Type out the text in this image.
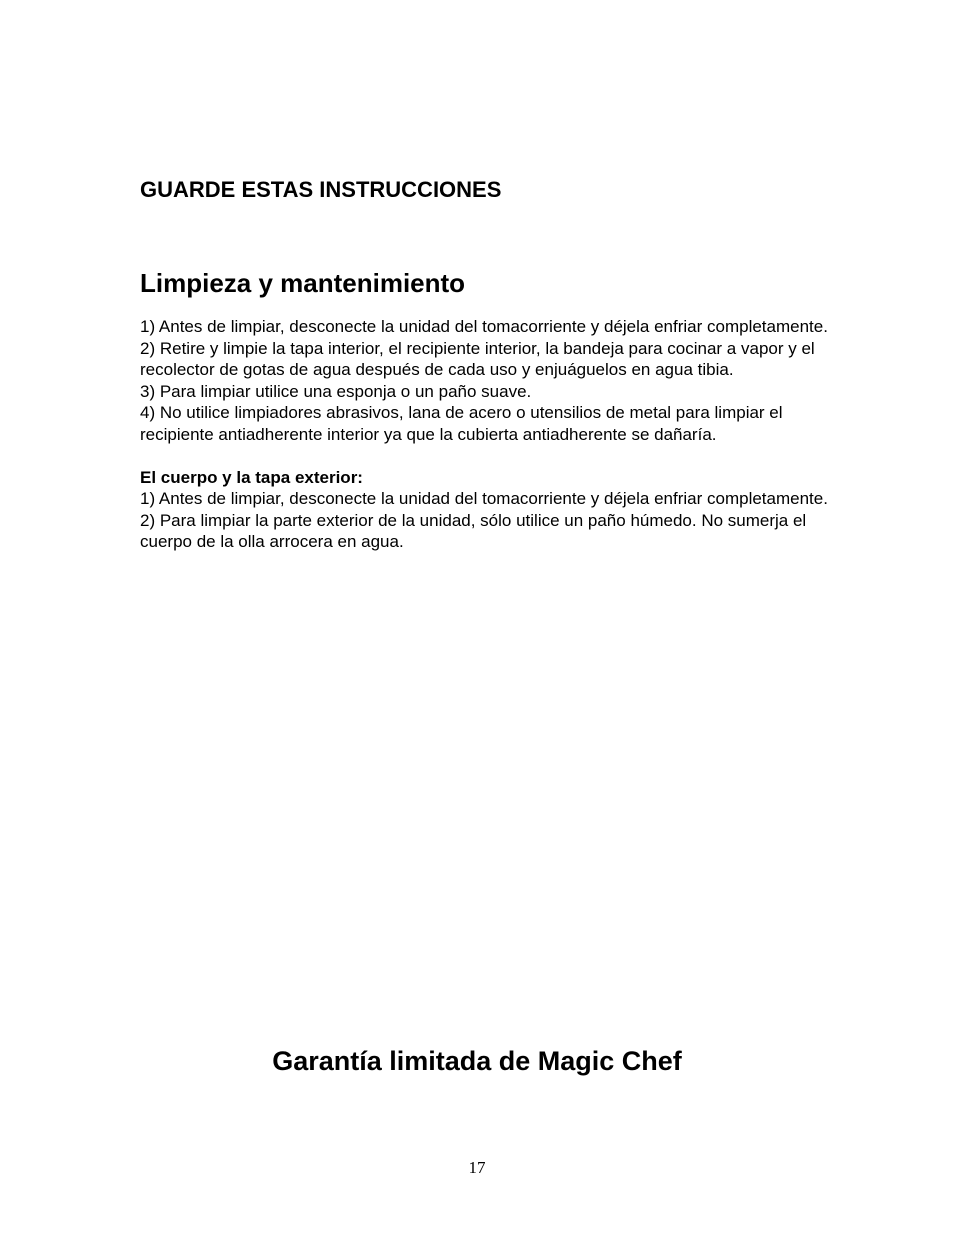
GUARDE ESTAS INSTRUCCIONES
Limpieza y mantenimiento

1) Antes de limpiar, desconecte la unidad del tomacorriente y déjela enfriar completamente.

2) Retire y limpie la tapa interior, el recipiente interior, la bandeja para cocinar a vapor y el recolector de gotas de agua después de cada uso y enjuáguelos en agua tibia.

3) Para limpiar utilice una esponja o un paño suave.

4) No utilice limpiadores abrasivos, lana de acero o utensilios de metal para limpiar el recipiente antiadherente interior ya que la cubierta antiadherente se dañaría.

El cuerpo y la tapa exterior:

1) Antes de limpiar, desconecte la unidad del tomacorriente y déjela enfriar completamente.

2) Para limpiar la parte exterior de la unidad, sólo utilice un paño húmedo. No sumerja el cuerpo de la olla arrocera en agua.

Garantía limitada de Magic Chef
17
